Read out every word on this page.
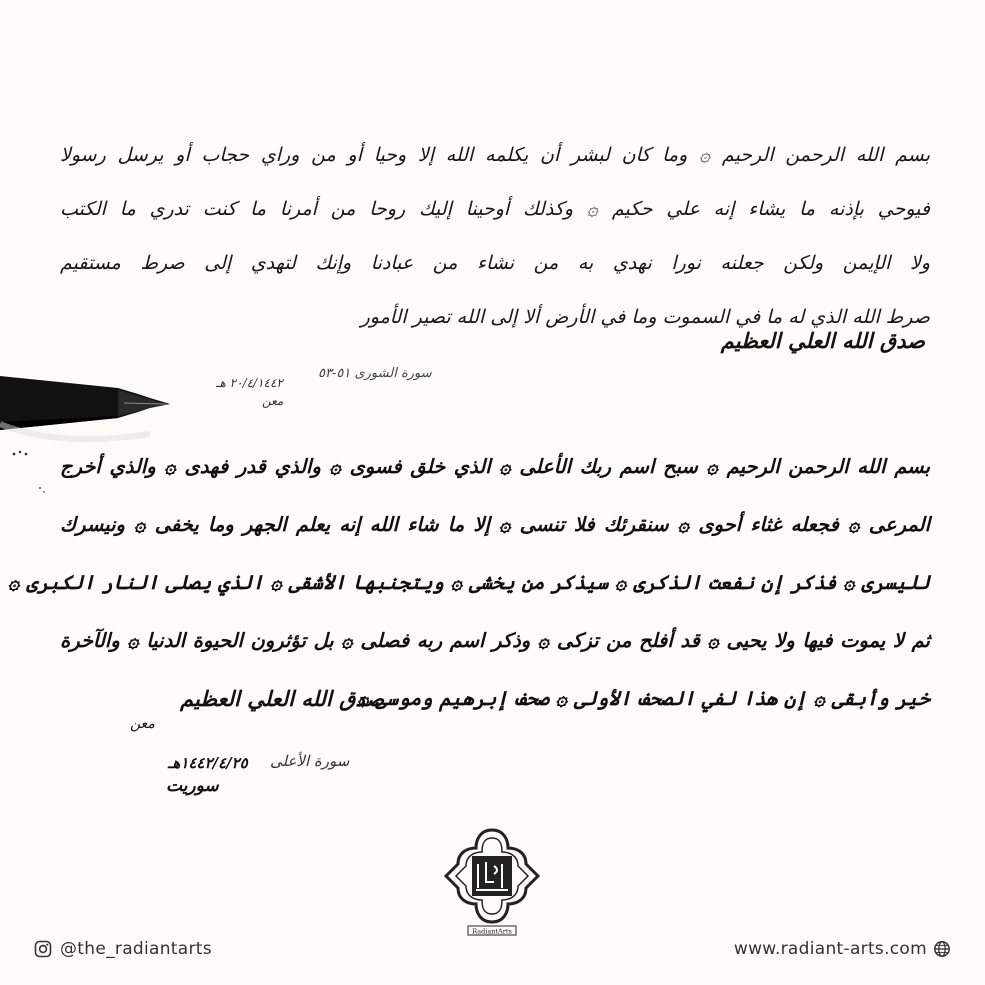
بسم الله الرحمن الرحيم ۞ وما كان لبشر أن يكلمه الله إلا وحيا أو من وراي حجاب أو يرسل رسولا
فيوحي بإذنه ما يشاء إنه علي حكيم ۞ وكذلك أوحينا إليك روحا من أمرنا ما كنت تدري ما الكتب
ولا الإيمن ولكن جعلنه نورا نهدي به من نشاء من عبادنا وإنك لتهدي إلى صرط مستقيم
صرط الله الذي له ما في السموت وما في الأرض ألا إلى الله تصير الأمور
صدق الله العلي العظيم
سورة الشورى ٥١-٥٣
٢٠/٤/١٤٤٢ هـ
معن
بسم الله الرحمن الرحيم ۞ سبح اسم ربك الأعلى ۞ الذي خلق فسوى ۞ والذي قدر فهدى ۞ والذي أخرج
المرعى ۞ فجعله غثاء أحوى ۞ سنقرئك فلا تنسى ۞ إلا ما شاء الله إنه يعلم الجهر وما يخفى ۞ ونيسرك
لليسرى ۞ فذكر إن نفعت الذكرى ۞ سيذكر من يخشى ۞ ويتجنبها الأشقى ۞ الذي يصلى النار الكبرى ۞
ثم لا يموت فيها ولا يحيى ۞ قد أفلح من تزكى ۞ وذكر اسم ربه فصلى ۞ بل تؤثرون الحيوة الدنيا ۞ والآخرة
خير وأبقى ۞ إن هذا لفي الصحف الأولى ۞ صحف إبرهيم وموسى ۞
صدق الله العلي العظيم
معن
سورة الأعلى
١٤٤٢/٤/٢٥هـ
سوريت
RadiantArts
@the_radiantarts	www.radiant-arts.com
